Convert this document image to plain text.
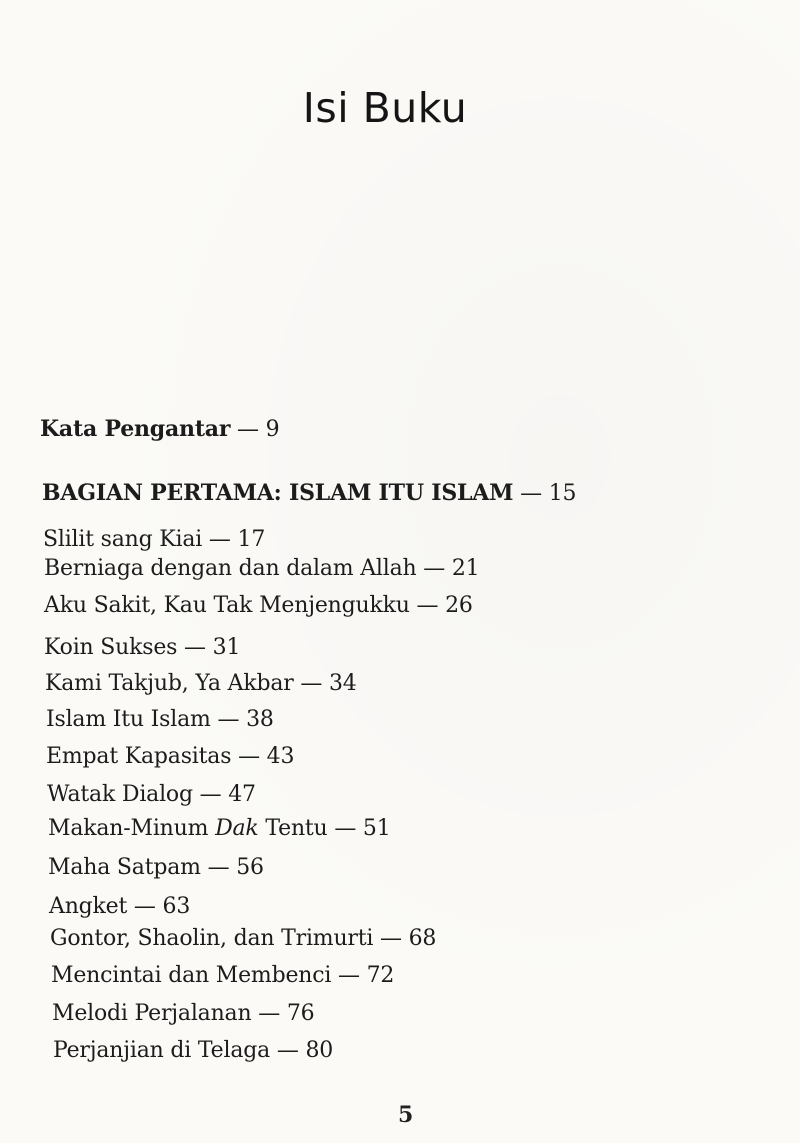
Isi Buku
Kata Pengantar — 9
BAGIAN PERTAMA: ISLAM ITU ISLAM — 15
Slilit sang Kiai — 17
Berniaga dengan dan dalam Allah — 21
Aku Sakit, Kau Tak Menjengukku — 26
Koin Sukses — 31
Kami Takjub, Ya Akbar — 34
Islam Itu Islam — 38
Empat Kapasitas — 43
Watak Dialog — 47
Makan-Minum Dak Tentu — 51
Maha Satpam — 56
Angket — 63
Gontor, Shaolin, dan Trimurti — 68
Mencintai dan Membenci — 72
Melodi Perjalanan — 76
Perjanjian di Telaga — 80
5
